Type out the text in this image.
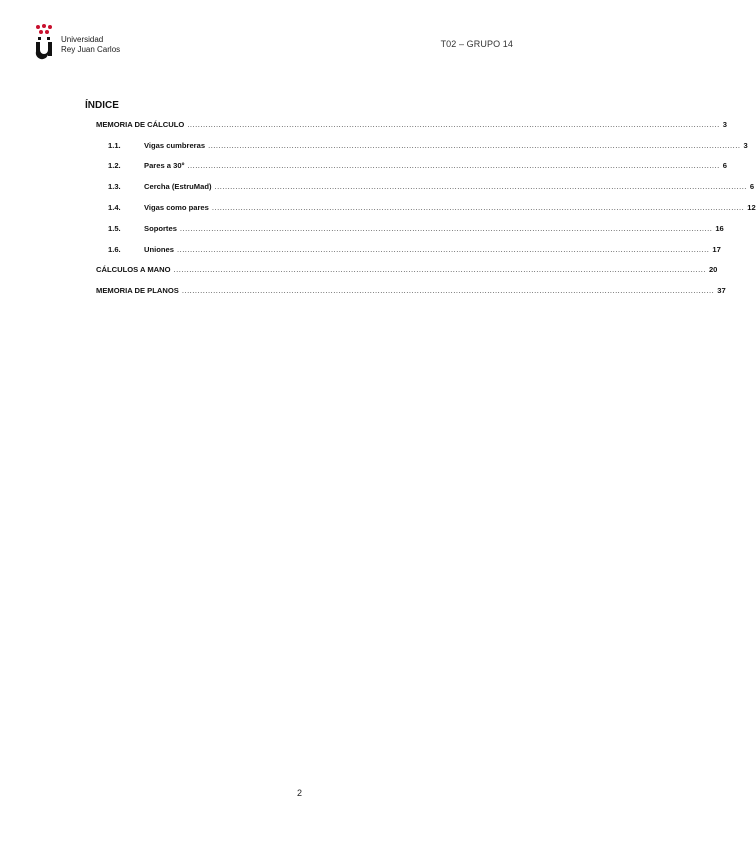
Universidad
Rey Juan Carlos
T02 – GRUPO 14
ÍNDICE
MEMORIA DE CÁLCULO ............................................................................................................................................................................................................ 3
1.1.	Vigas cumbreras ............................................................................................................................................................................................................ 3
1.2.	Pares a 30º ............................................................................................................................................................................................................ 6
1.3.	Cercha (EstruMad) ............................................................................................................................................................................................................ 6
1.4.	Vigas como pares ............................................................................................................................................................................................................ 12
1.5.	Soportes ............................................................................................................................................................................................................ 16
1.6.	Uniones ............................................................................................................................................................................................................ 17
CÁLCULOS A MANO ............................................................................................................................................................................................................ 20
MEMORIA DE PLANOS ............................................................................................................................................................................................................ 37
2
